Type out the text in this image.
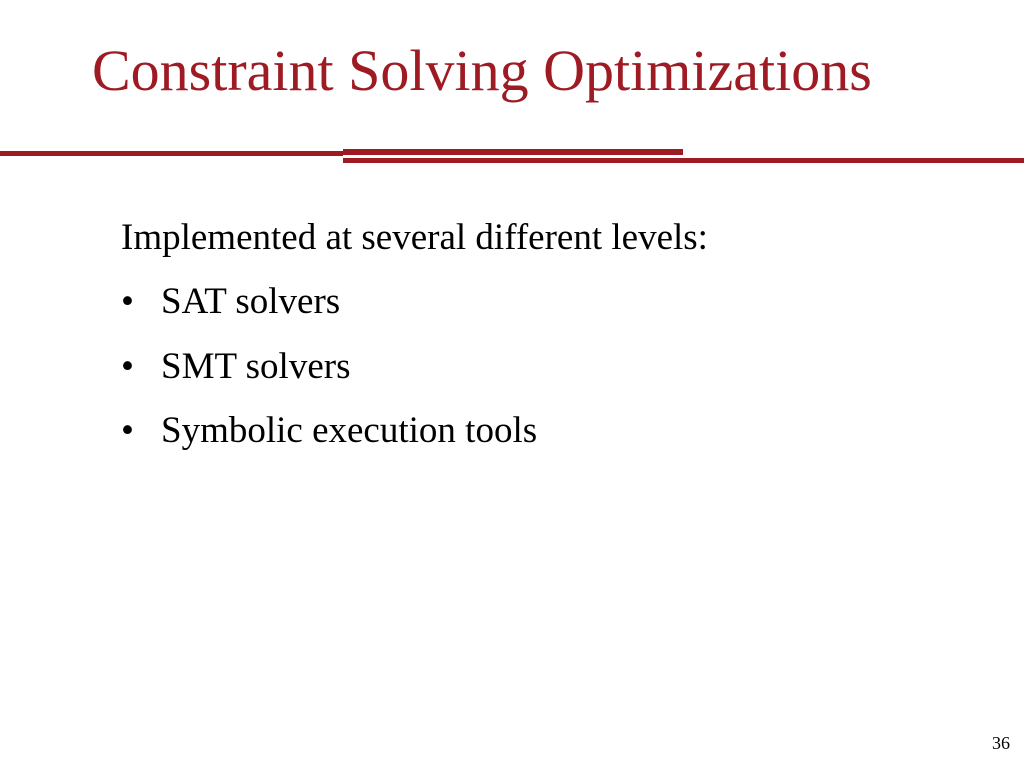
Constraint Solving Optimizations

Implemented at several different levels:

• SAT solvers
• SMT solvers
• Symbolic execution tools
36
